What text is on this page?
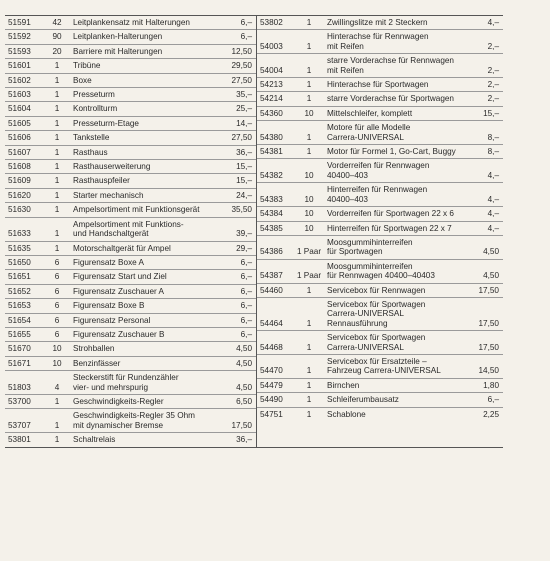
51591	42	Leitplankensatz mit Halterungen	6,–
51592	90	Leitplanken-Halterungen	6,–
51593	20	Barriere mit Halterungen	12,50
51601	1	Tribüne	29,50
51602	1	Boxe	27,50
51603	1	Presseturm	35,–
51604	1	Kontrollturm	25,–
51605	1	Presseturm-Etage	14,–
51606	1	Tankstelle	27,50
51607	1	Rasthaus	36,–
51608	1	Rasthauserweiterung	15,–
51609	1	Rasthauspfeiler	15,–
51620	1	Starter mechanisch	24,–
51630	1	Ampelsortiment mit Funktionsgerät	35,50
51633	1	Ampelsortiment mit Funktions-
und Handschaltgerät	39,–
51635	1	Motorschaltgerät für Ampel	29,–
51650	6	Figurensatz Boxe A	6,–
51651	6	Figurensatz Start und Ziel	6,–
51652	6	Figurensatz Zuschauer A	6,–
51653	6	Figurensatz Boxe B	6,–
51654	6	Figurensatz Personal	6,–
51655	6	Figurensatz Zuschauer B	6,–
51670	10	Strohballen	4,50
51671	10	Benzinfässer	4,50
51803	4	Steckerstift für Rundenzähler
vier- und mehrspurig	4,50
53700	1	Geschwindigkeits-Regler	6,50
53707	1	Geschwindigkeits-Regler 35 Ohm
mit dynamischer Bremse	17,50
53801	1	Schaltrelais	36,–
53802	1	Zwillingslitze mit 2 Steckern	4,–
54003	1	Hinterachse für Rennwagen
mit Reifen	2,–
54004	1	starre Vorderachse für Rennwagen
mit Reifen	2,–
54213	1	Hinterachse für Sportwagen	2,–
54214	1	starre Vorderachse für Sportwagen	2,–
54360	10	Mittelschleifer, komplett	15,–
54380	1	Motore für alle Modelle
Carrera-UNIVERSAL	8,–
54381	1	Motor für Formel 1, Go-Cart, Buggy	8,–
54382	10	Vorderreifen für Rennwagen
40400–403	4,–
54383	10	Hinterreifen für Rennwagen
40400–403	4,–
54384	10	Vorderreifen für Sportwagen 22 x 6	4,–
54385	10	Hinterreifen für Sportwagen 22 x 7	4,–
54386	1 Paar	Moosgummihinterreifen
für Sportwagen	4,50
54387	1 Paar	Moosgummihinterreifen
für Rennwagen 40400–40403	4,50
54460	1	Servicebox für Rennwagen	17,50
54464	1	Servicebox für Sportwagen
Carrera-UNIVERSAL
Rennausführung	17,50
54468	1	Servicebox für Sportwagen
Carrera-UNIVERSAL	17,50
54470	1	Servicebox für Ersatzteile –
Fahrzeug Carrera-UNIVERSAL	14,50
54479	1	Birnchen	1,80
54490	1	Schleiferumbausatz	6,–
54751	1	Schablone	2,25
